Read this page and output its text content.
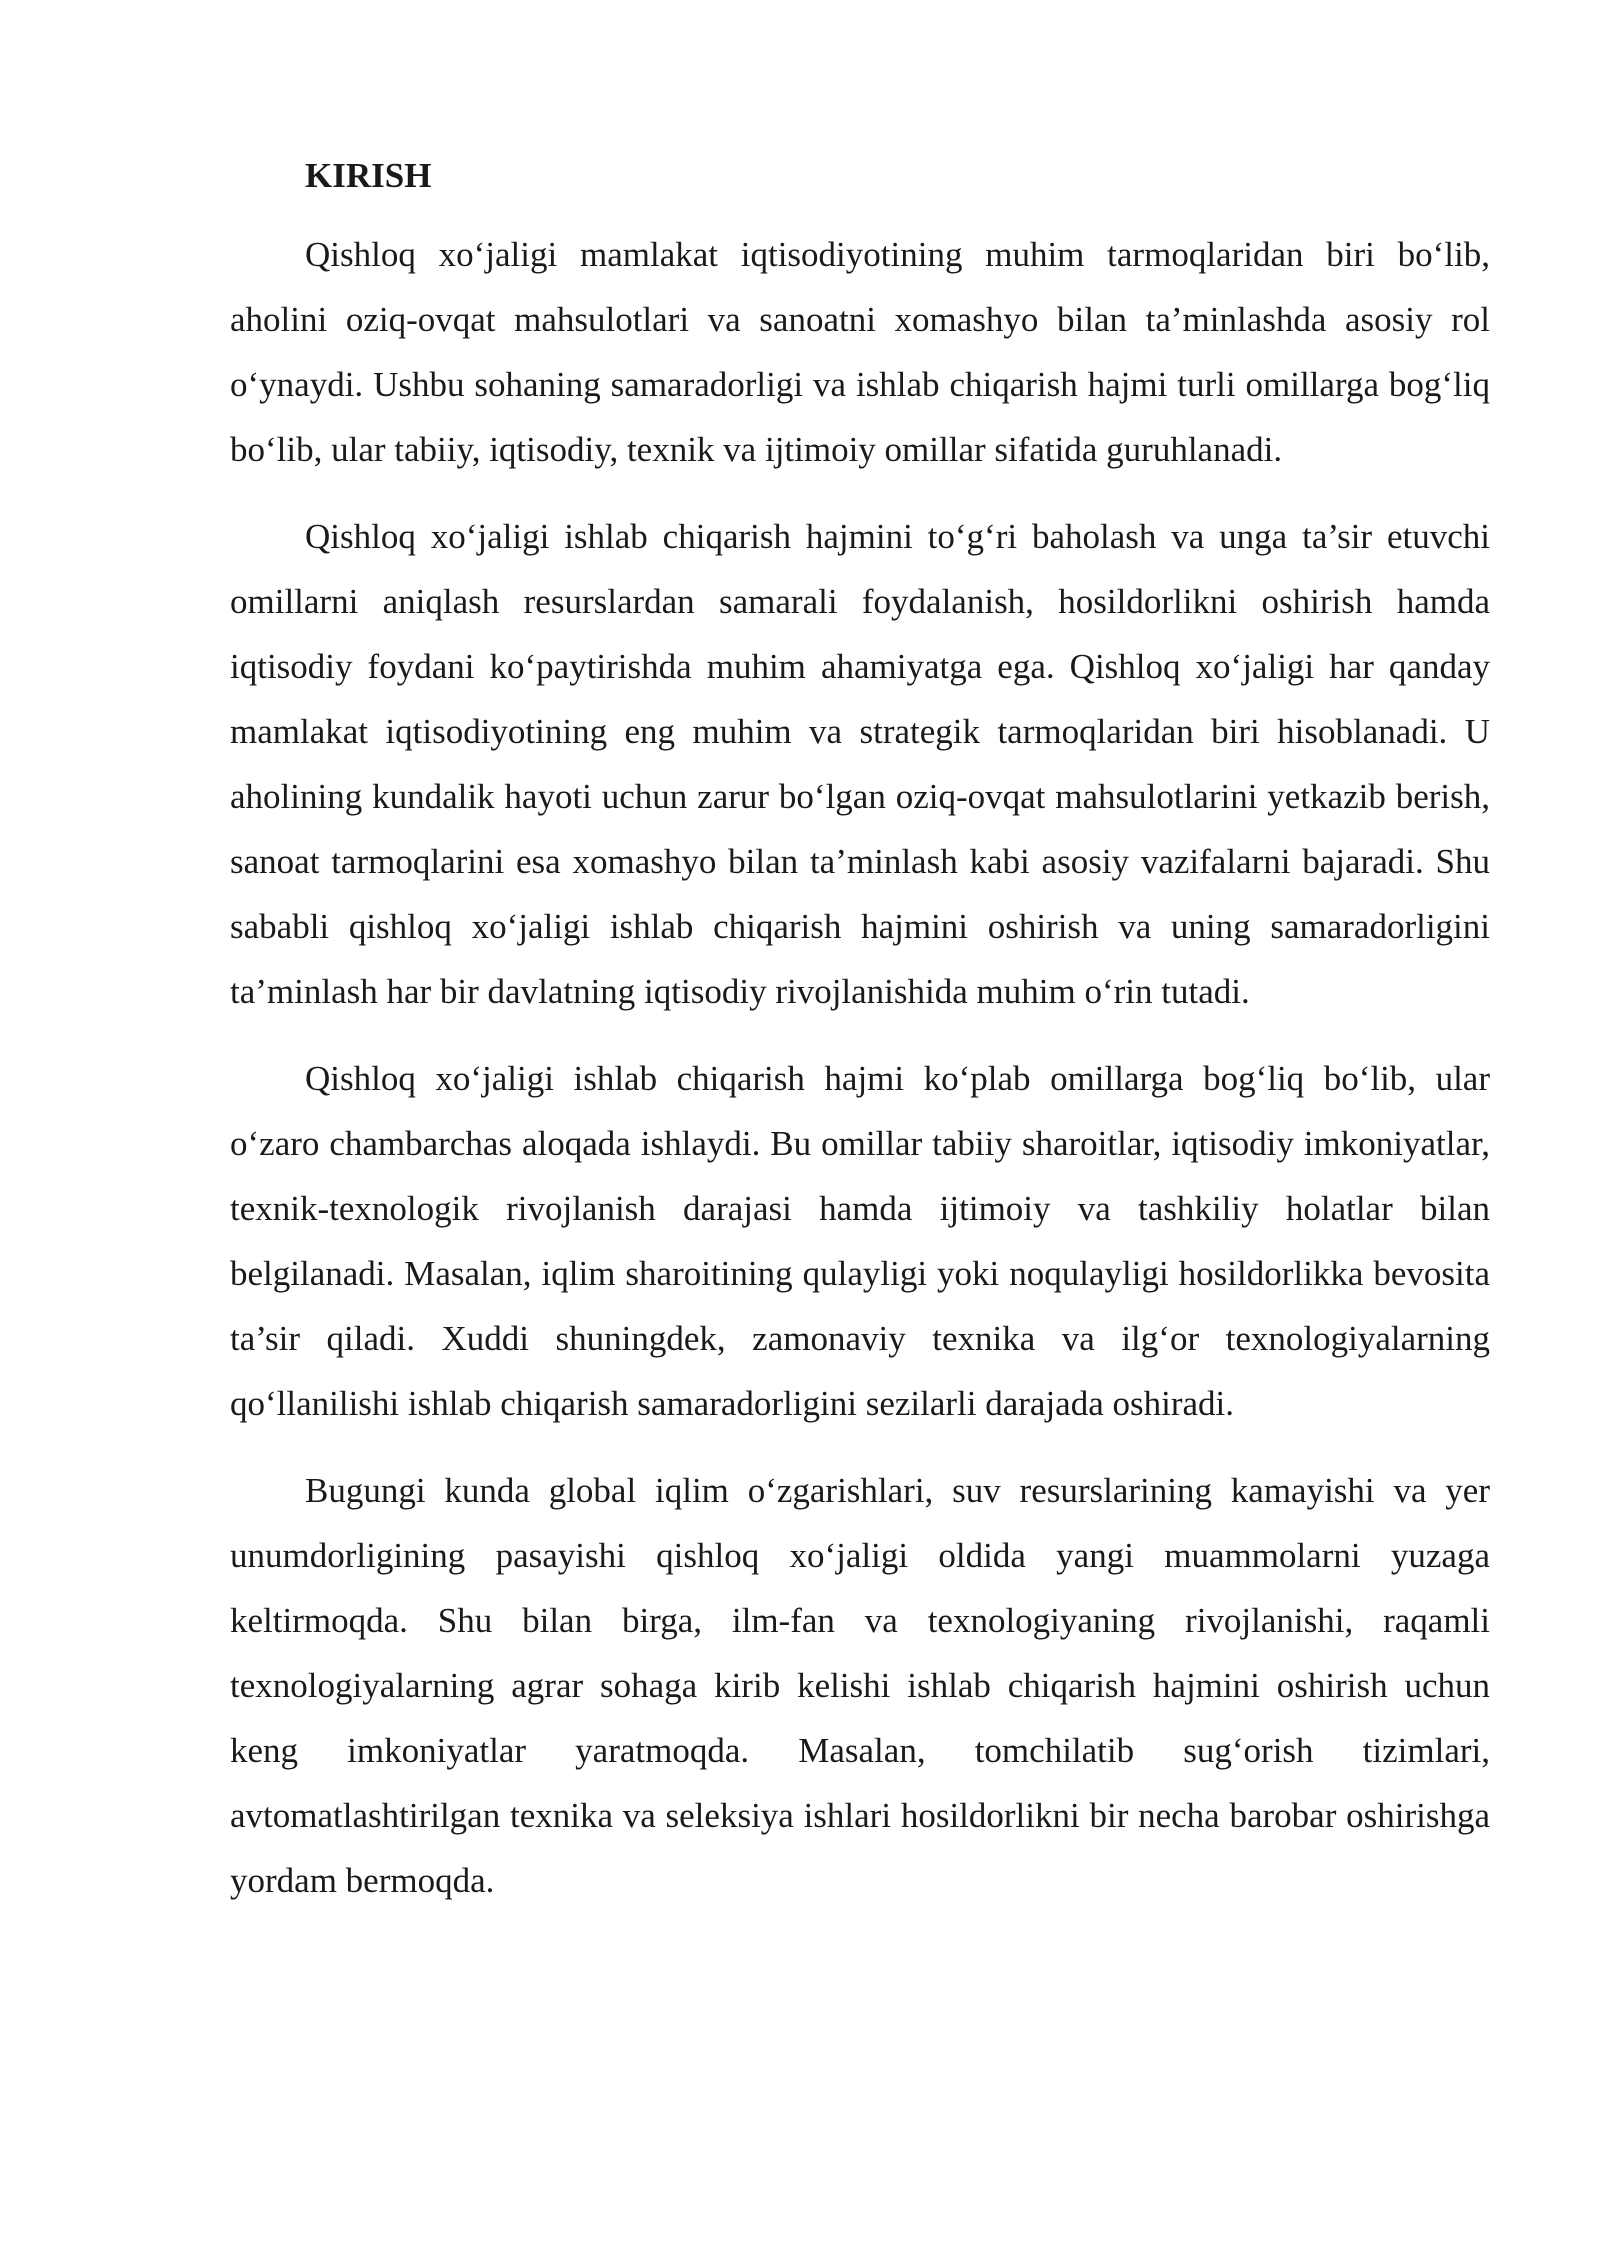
KIRISH

Qishloq xo‘jaligi mamlakat iqtisodiyotining muhim tarmoqlaridan biri bo‘lib, aholini oziq-ovqat mahsulotlari va sanoatni xomashyo bilan ta’minlashda asosiy rol o‘ynaydi. Ushbu sohaning samaradorligi va ishlab chiqarish hajmi turli omillarga bog‘liq bo‘lib, ular tabiiy, iqtisodiy, texnik va ijtimoiy omillar sifatida guruhlanadi.

Qishloq xo‘jaligi ishlab chiqarish hajmini to‘g‘ri baholash va unga ta’sir etuvchi omillarni aniqlash resurslardan samarali foydalanish, hosildorlikni oshirish hamda iqtisodiy foydani ko‘paytirishda muhim ahamiyatga ega. Qishloq xo‘jaligi har qanday mamlakat iqtisodiyotining eng muhim va strategik tarmoqlaridan biri hisoblanadi. U aholining kundalik hayoti uchun zarur bo‘lgan oziq-ovqat mahsulotlarini yetkazib berish, sanoat tarmoqlarini esa xomashyo bilan ta’minlash kabi asosiy vazifalarni bajaradi. Shu sababli qishloq xo‘jaligi ishlab chiqarish hajmini oshirish va uning samaradorligini ta’minlash har bir davlatning iqtisodiy rivojlanishida muhim o‘rin tutadi.

Qishloq xo‘jaligi ishlab chiqarish hajmi ko‘plab omillarga bog‘liq bo‘lib, ular o‘zaro chambarchas aloqada ishlaydi. Bu omillar tabiiy sharoitlar, iqtisodiy imkoniyatlar, texnik-texnologik rivojlanish darajasi hamda ijtimoiy va tashkiliy holatlar bilan belgilanadi. Masalan, iqlim sharoitining qulayligi yoki noqulayligi hosildorlikka bevosita ta’sir qiladi. Xuddi shuningdek, zamonaviy texnika va ilg‘or texnologiyalarning qo‘llanilishi ishlab chiqarish samaradorligini sezilarli darajada oshiradi.

Bugungi kunda global iqlim o‘zgarishlari, suv resurslarining kamayishi va yer unumdorligining pasayishi qishloq xo‘jaligi oldida yangi muammolarni yuzaga keltirmoqda. Shu bilan birga, ilm-fan va texnologiyaning rivojlanishi, raqamli texnologiyalarning agrar sohaga kirib kelishi ishlab chiqarish hajmini oshirish uchun keng imkoniyatlar yaratmoqda. Masalan, tomchilatib sug‘orish tizimlari, avtomatlashtirilgan texnika va seleksiya ishlari hosildorlikni bir necha barobar oshirishga yordam bermoqda.
